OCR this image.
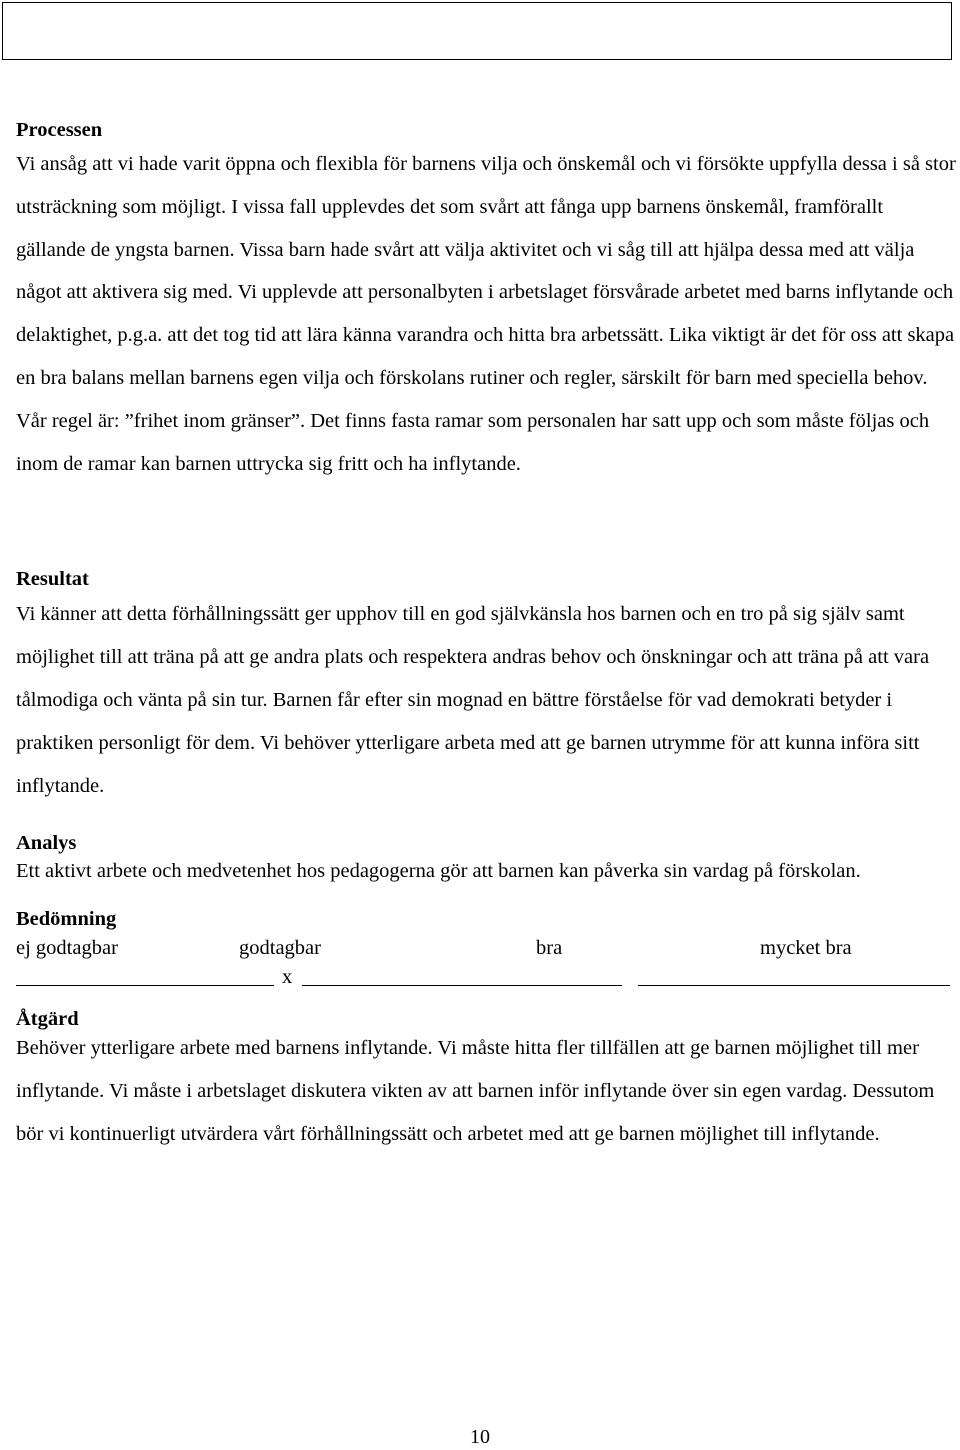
Processen

Vi ansåg att vi hade varit öppna och flexibla för barnens vilja och önskemål och vi försökte uppfylla dessa i så stor utsträckning som möjligt. I vissa fall upplevdes det som svårt att fånga upp barnens önskemål, framförallt gällande de yngsta barnen. Vissa barn hade svårt att välja aktivitet och vi såg till att hjälpa dessa med att välja något att aktivera sig med. Vi upplevde att personalbyten i arbetslaget försvårade arbetet med barns inflytande och delaktighet, p.g.a. att det tog tid att lära känna varandra och hitta bra arbetssätt. Lika viktigt är det för oss att skapa en bra balans mellan barnens egen vilja och förskolans rutiner och regler, särskilt för barn med speciella behov. Vår regel är: ”frihet inom gränser”. Det finns fasta ramar som personalen har satt upp och som måste följas och inom de ramar kan barnen uttrycka sig fritt och ha inflytande.

Resultat

Vi känner att detta förhållningssätt ger upphov till en god självkänsla hos barnen och en tro på sig själv samt möjlighet till att träna på att ge andra plats och respektera andras behov och önskningar och att träna på att vara tålmodiga och vänta på sin tur. Barnen får efter sin mognad en bättre förståelse för vad demokrati betyder i praktiken personligt för dem. Vi behöver ytterligare arbeta med att ge barnen utrymme för att kunna införa sitt inflytande.

Analys

Ett aktivt arbete och medvetenhet hos pedagogerna gör att barnen kan påverka sin vardag på förskolan.

Bedömning
ej godtagbar	godtagbar	bra	mycket bra
x
Åtgärd

Behöver ytterligare arbete med barnens inflytande. Vi måste hitta fler tillfällen att ge barnen möjlighet till mer inflytande. Vi måste i arbetslaget diskutera vikten av att barnen inför inflytande över sin egen vardag. Dessutom bör vi kontinuerligt utvärdera vårt förhållningssätt och arbetet med att ge barnen möjlighet till inflytande.

10
